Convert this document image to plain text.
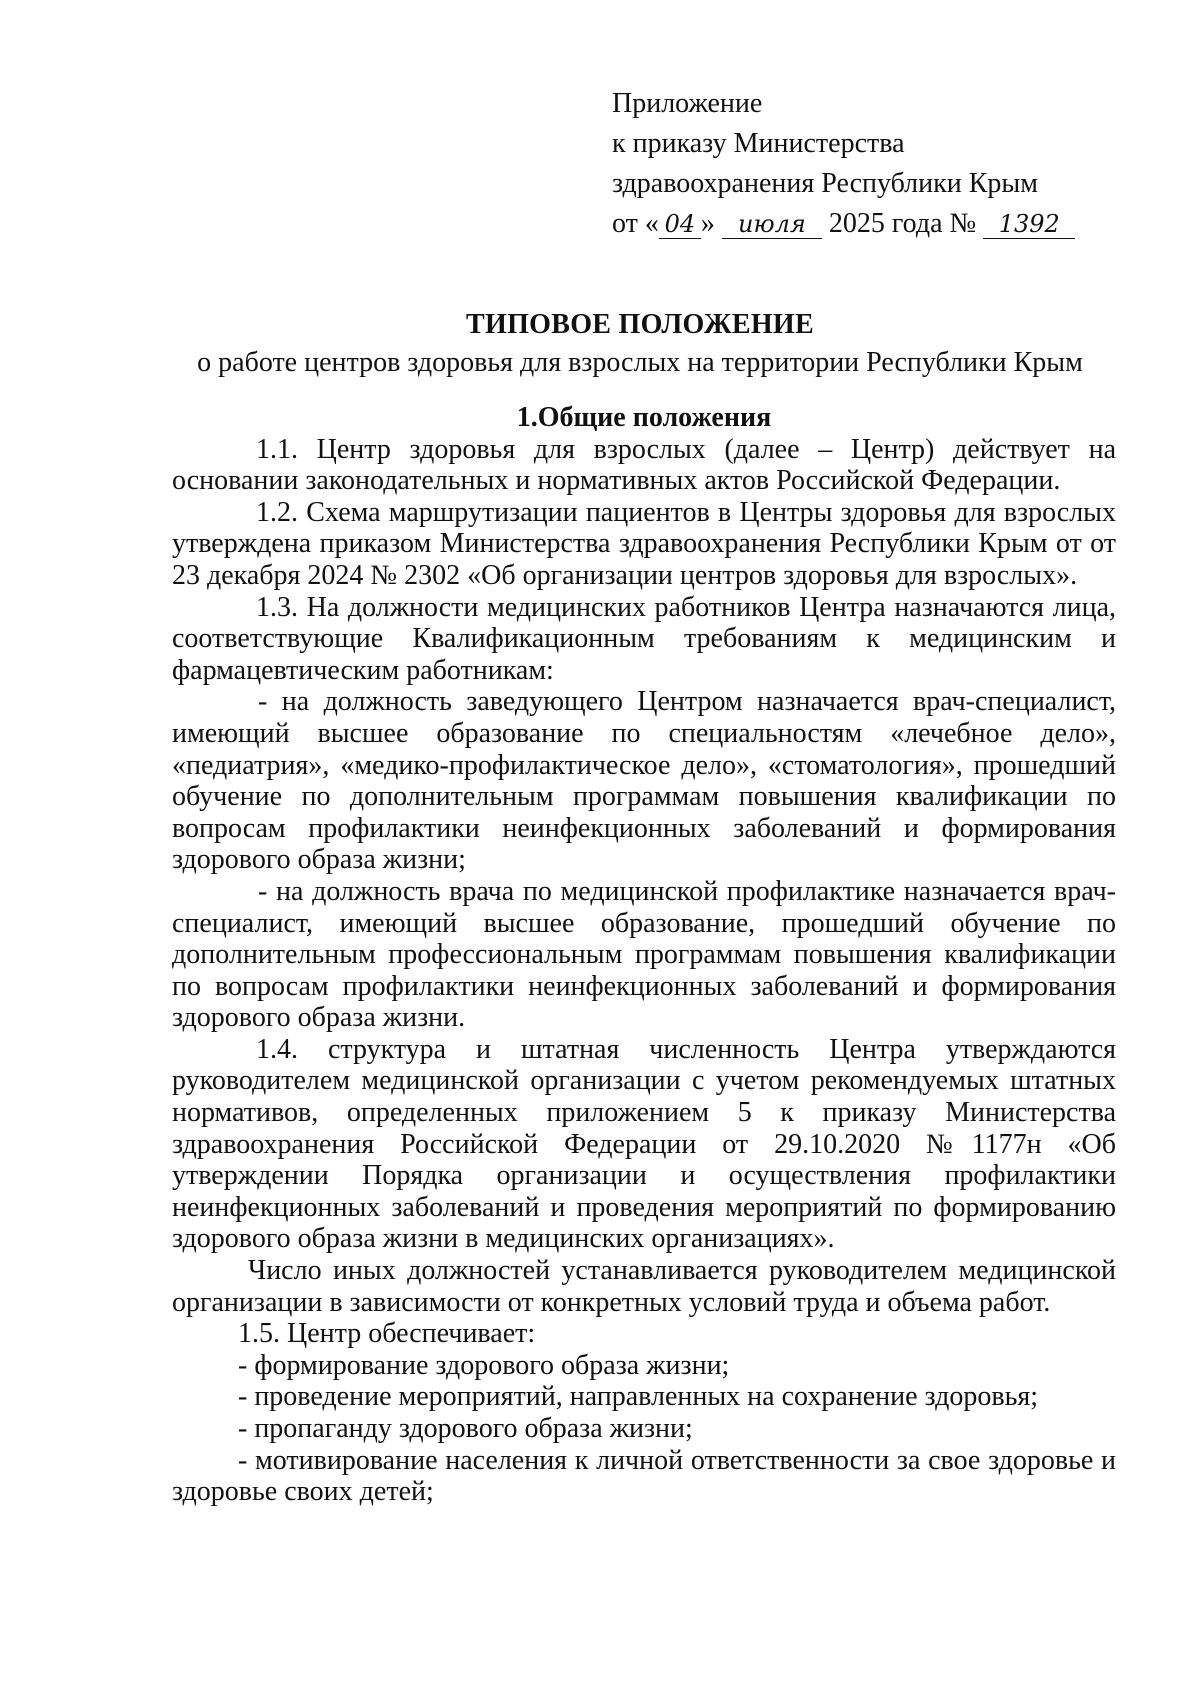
Приложение
к приказу Министерства
здравоохранения Республики Крым
от « 04 » июля 2025 года № 1392
ТИПОВОЕ ПОЛОЖЕНИЕ
о работе центров здоровья для взрослых на территории Республики Крым

1.Общие положения

1.1. Центр здоровья для взрослых (далее – Центр) действует на основании законодательных и нормативных актов Российской Федерации.

1.2. Схема маршрутизации пациентов в Центры здоровья для взрослых утверждена приказом Министерства здравоохранения Республики Крым от от 23 декабря 2024 № 2302 «Об организации центров здоровья для взрослых».

1.3. На должности медицинских работников Центра назначаются лица, соответствующие Квалификационным требованиям к медицинским и фармацевтическим работникам:

- на должность заведующего Центром назначается врач-специалист, имеющий высшее образование по специальностям «лечебное дело», «педиатрия», «медико-профилактическое дело», «стоматология», прошедший обучение по дополнительным программам повышения квалификации по вопросам профилактики неинфекционных заболеваний и формирования здорового образа жизни;

- на должность врача по медицинской профилактике назначается врач-специалист, имеющий высшее образование, прошедший обучение по дополнительным профессиональным программам повышения квалификации по вопросам профилактики неинфекционных заболеваний и формирования здорового образа жизни.

1.4. структура и штатная численность Центра утверждаются руководителем медицинской организации с учетом рекомендуемых штатных нормативов, определенных приложением 5 к приказу Министерства здравоохранения Российской Федерации от 29.10.2020 №1177н «Об утверждении Порядка организации и осуществления профилактики неинфекционных заболеваний и проведения мероприятий по формированию здорового образа жизни в медицинских организациях».

Число иных должностей устанавливается руководителем медицинской организации в зависимости от конкретных условий труда и объема работ.

1.5. Центр обеспечивает:

- формирование здорового образа жизни;

- проведение мероприятий, направленных на сохранение здоровья;

- пропаганду здорового образа жизни;

- мотивирование населения к личной ответственности за свое здоровье и здоровье своих детей;
